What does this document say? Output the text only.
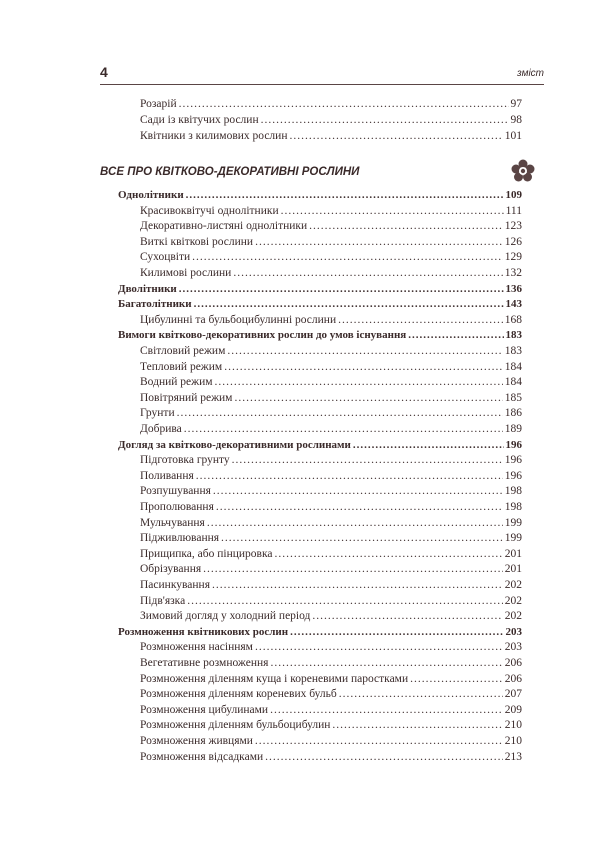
4	зміст
Розарій .....	97
Сади із квітучих рослин .....	98
Квітники з килимових рослин .....	101
ВСЕ ПРО КВІТКОВО-ДЕКОРАТИВНІ РОСЛИНИ
Однолітники .....	109
Красивоквітучі однолітники .....	111
Декоративно-листяні однолітники .....	123
Виткі квіткові рослини .....	126
Сухоцвіти .....	129
Килимові рослини .....	132
Дволітники .....	136
Багатолітники .....	143
Цибулинні та бульбоцибулинні рослини .....	168
Вимоги квітково-декоративних рослин до умов існування .....	183
Світловий режим .....	183
Тепловий режим .....	184
Водний режим .....	184
Повітряний режим .....	185
Грунти .....	186
Добрива .....	189
Догляд за квітково-декоративними рослинами .....	196
Підготовка грунту .....	196
Поливання .....	196
Розпушування .....	198
Прополювання .....	198
Мульчування .....	199
Підживлювання .....	199
Прищипка, або пінцировка .....	201
Обрізування .....	201
Пасинкування .....	202
Підв'язка .....	202
Зимовий догляд у холодний період .....	202
Розмноження квітникових рослин .....	203
Розмноження насінням .....	203
Вегетативне розмноження .....	206
Розмноження діленням куща і кореневими паростками .....	206
Розмноження діленням кореневих бульб .....	207
Розмноження цибулинами .....	209
Розмноження діленням бульбоцибулин .....	210
Розмноження живцями .....	210
Розмноження відсадками .....	213
